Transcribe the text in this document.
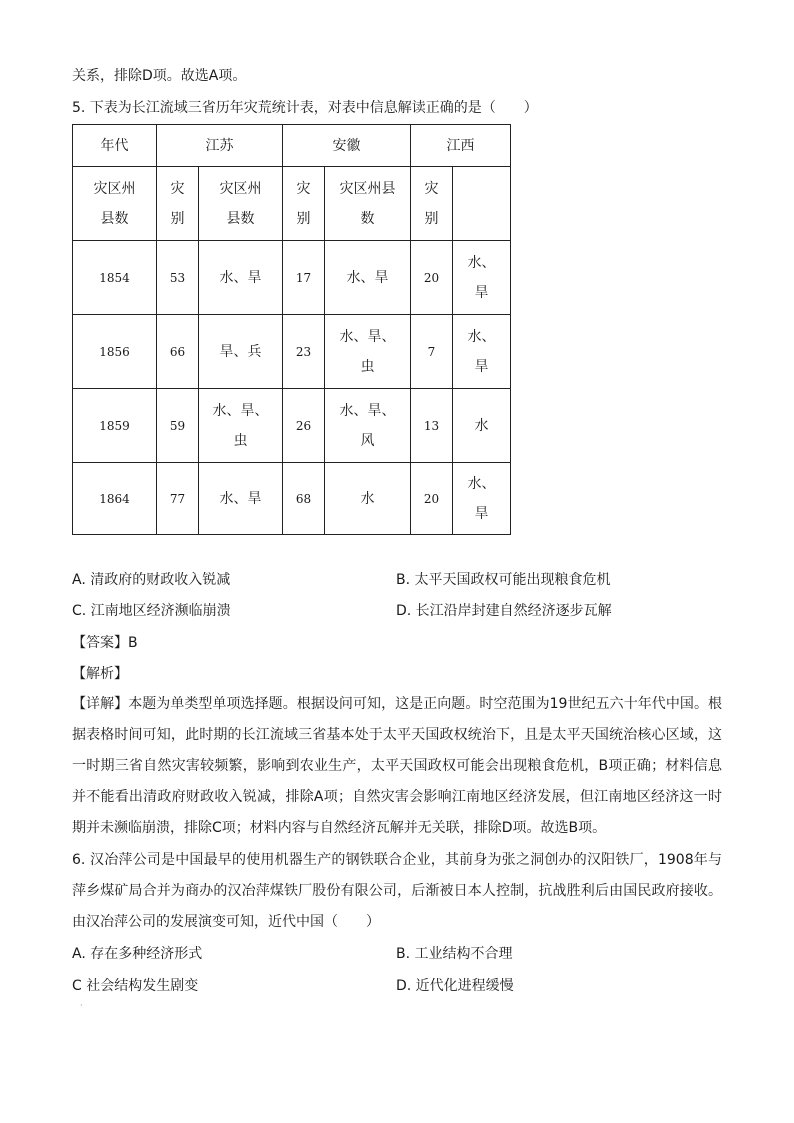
关系，排除D项。故选A项。
5. 下表为长江流域三省历年灾荒统计表，对表中信息解读正确的是（　　）
年代	江苏		安徽		江西	
灾区州县数	灾别	灾区州县数	灾别	灾区州县数	灾别	
1854	53	水、旱	17	水、旱	20	水、旱
1856	66	旱、兵	23	水、旱、虫	7	水、旱
1859	59	水、旱、虫	26	水、旱、风	13	水
1864	77	水、旱	68	水	20	水、旱
A. 清政府的财政收入锐减	B. 太平天国政权可能出现粮食危机
C. 江南地区经济濒临崩溃	D. 长江沿岸封建自然经济逐步瓦解
【答案】B
【解析】
【详解】本题为单类型单项选择题。根据设问可知，这是正向题。时空范围为19世纪五六十年代中国。根据表格时间可知，此时期的长江流域三省基本处于太平天国政权统治下，且是太平天国统治核心区域，这一时期三省自然灾害较频繁，影响到农业生产，太平天国政权可能会出现粮食危机，B项正确；材料信息并不能看出清政府财政收入锐减，排除A项；自然灾害会影响江南地区经济发展，但江南地区经济这一时期并未濒临崩溃，排除C项；材料内容与自然经济瓦解并无关联，排除D项。故选B项。
6. 汉冶萍公司是中国最早的使用机器生产的钢铁联合企业，其前身为张之洞创办的汉阳铁厂，1908年与萍乡煤矿局合并为商办的汉冶萍煤铁厂股份有限公司，后渐被日本人控制，抗战胜利后由国民政府接收。由汉冶萍公司的发展演变可知，近代中国（　　）
A. 存在多种经济形式	B. 工业结构不合理
C 社会结构发生剧变	D. 近代化进程缓慢
·
